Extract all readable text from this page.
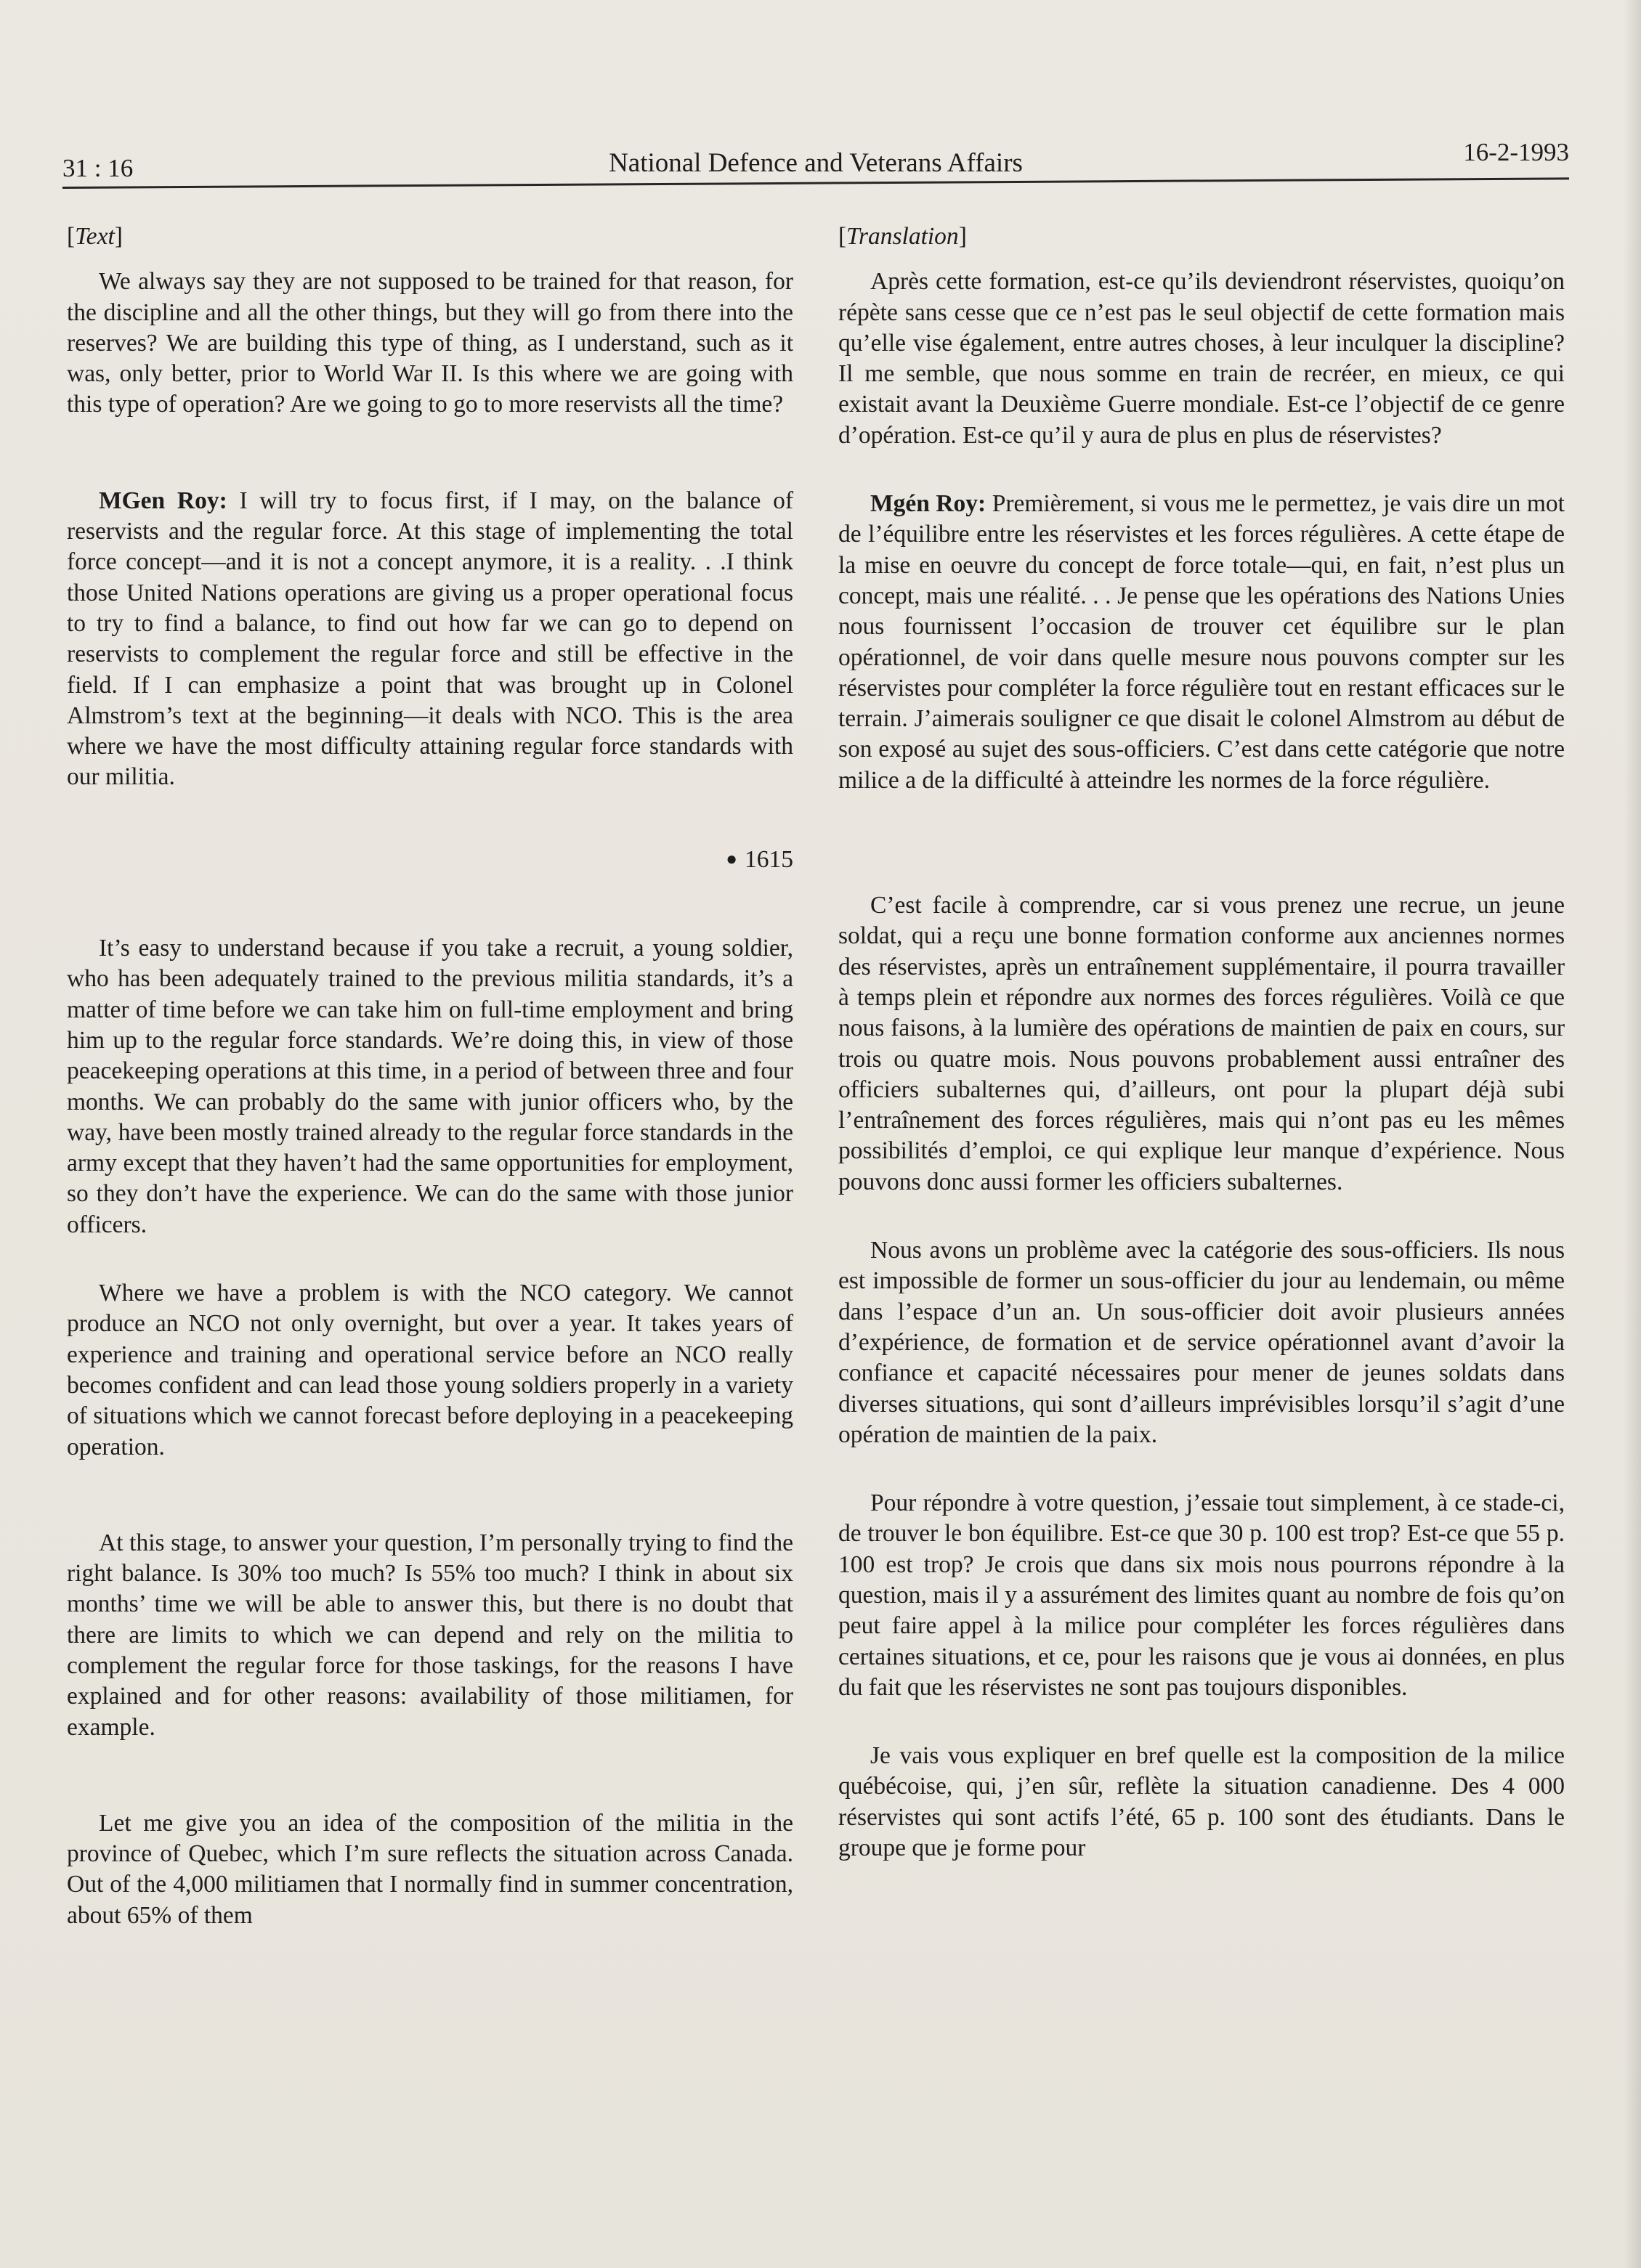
31 : 16	National Defence and Veterans Affairs	16-2-1993

[Text]

We always say they are not supposed to be trained for that reason, for the discipline and all the other things, but they will go from there into the reserves? We are building this type of thing, as I understand, such as it was, only better, prior to World War II. Is this where we are going with this type of operation? Are we going to go to more reservists all the time?

MGen Roy: I will try to focus first, if I may, on the balance of reservists and the regular force. At this stage of implementing the total force concept—and it is not a concept anymore, it is a reality. . .I think those United Nations operations are giving us a proper operational focus to try to find a balance, to find out how far we can go to depend on reservists to complement the regular force and still be effective in the field. If I can emphasize a point that was brought up in Colonel Almstrom’s text at the beginning—it deals with NCO. This is the area where we have the most difficulty attaining regular force standards with our militia.

● 1615

It’s easy to understand because if you take a recruit, a young soldier, who has been adequately trained to the previous militia standards, it’s a matter of time before we can take him on full-time employment and bring him up to the regular force standards. We’re doing this, in view of those peacekeeping operations at this time, in a period of between three and four months. We can probably do the same with junior officers who, by the way, have been mostly trained already to the regular force standards in the army except that they haven’t had the same opportunities for employment, so they don’t have the experience. We can do the same with those junior officers.

Where we have a problem is with the NCO category. We cannot produce an NCO not only overnight, but over a year. It takes years of experience and training and operational service before an NCO really becomes confident and can lead those young soldiers properly in a variety of situations which we cannot forecast before deploying in a peacekeeping operation.

At this stage, to answer your question, I’m personally trying to find the right balance. Is 30% too much? Is 55% too much? I think in about six months’ time we will be able to answer this, but there is no doubt that there are limits to which we can depend and rely on the militia to complement the regular force for those taskings, for the reasons I have explained and for other reasons: availability of those militiamen, for example.

Let me give you an idea of the composition of the militia in the province of Quebec, which I’m sure reflects the situation across Canada. Out of the 4,000 militiamen that I normally find in summer concentration, about 65% of them

[Translation]

Après cette formation, est-ce qu’ils deviendront réservistes, quoiqu’on répète sans cesse que ce n’est pas le seul objectif de cette formation mais qu’elle vise également, entre autres choses, à leur inculquer la discipline? Il me semble, que nous somme en train de recréer, en mieux, ce qui existait avant la Deuxième Guerre mondiale. Est-ce l’objectif de ce genre d’opération. Est-ce qu’il y aura de plus en plus de réservistes?

Mgén Roy: Premièrement, si vous me le permettez, je vais dire un mot de l’équilibre entre les réservistes et les forces régulières. A cette étape de la mise en oeuvre du concept de force totale—qui, en fait, n’est plus un concept, mais une réalité. . . Je pense que les opérations des Nations Unies nous fournissent l’occasion de trouver cet équilibre sur le plan opérationnel, de voir dans quelle mesure nous pouvons compter sur les réservistes pour compléter la force régulière tout en restant efficaces sur le terrain. J’aimerais souligner ce que disait le colonel Almstrom au début de son exposé au sujet des sous-officiers. C’est dans cette catégorie que notre milice a de la difficulté à atteindre les normes de la force régulière.

C’est facile à comprendre, car si vous prenez une recrue, un jeune soldat, qui a reçu une bonne formation conforme aux anciennes normes des réservistes, après un entraînement supplémentaire, il pourra travailler à temps plein et répondre aux normes des forces régulières. Voilà ce que nous faisons, à la lumière des opérations de maintien de paix en cours, sur trois ou quatre mois. Nous pouvons probablement aussi entraîner des officiers subalternes qui, d’ailleurs, ont pour la plupart déjà subi l’entraînement des forces régulières, mais qui n’ont pas eu les mêmes possibilités d’emploi, ce qui explique leur manque d’expérience. Nous pouvons donc aussi former les officiers subalternes.

Nous avons un problème avec la catégorie des sous-officiers. Ils nous est impossible de former un sous-officier du jour au lendemain, ou même dans l’espace d’un an. Un sous-officier doit avoir plusieurs années d’expérience, de formation et de service opérationnel avant d’avoir la confiance et capacité nécessaires pour mener de jeunes soldats dans diverses situations, qui sont d’ailleurs imprévisibles lorsqu’il s’agit d’une opération de maintien de la paix.

Pour répondre à votre question, j’essaie tout simplement, à ce stade-ci, de trouver le bon équilibre. Est-ce que 30 p. 100 est trop? Est-ce que 55 p. 100 est trop? Je crois que dans six mois nous pourrons répondre à la question, mais il y a assurément des limites quant au nombre de fois qu’on peut faire appel à la milice pour compléter les forces régulières dans certaines situations, et ce, pour les raisons que je vous ai données, en plus du fait que les réservistes ne sont pas toujours disponibles.

Je vais vous expliquer en bref quelle est la composition de la milice québécoise, qui, j’en sûr, reflète la situation canadienne. Des 4 000 réservistes qui sont actifs l’été, 65 p. 100 sont des étudiants. Dans le groupe que je forme pour
